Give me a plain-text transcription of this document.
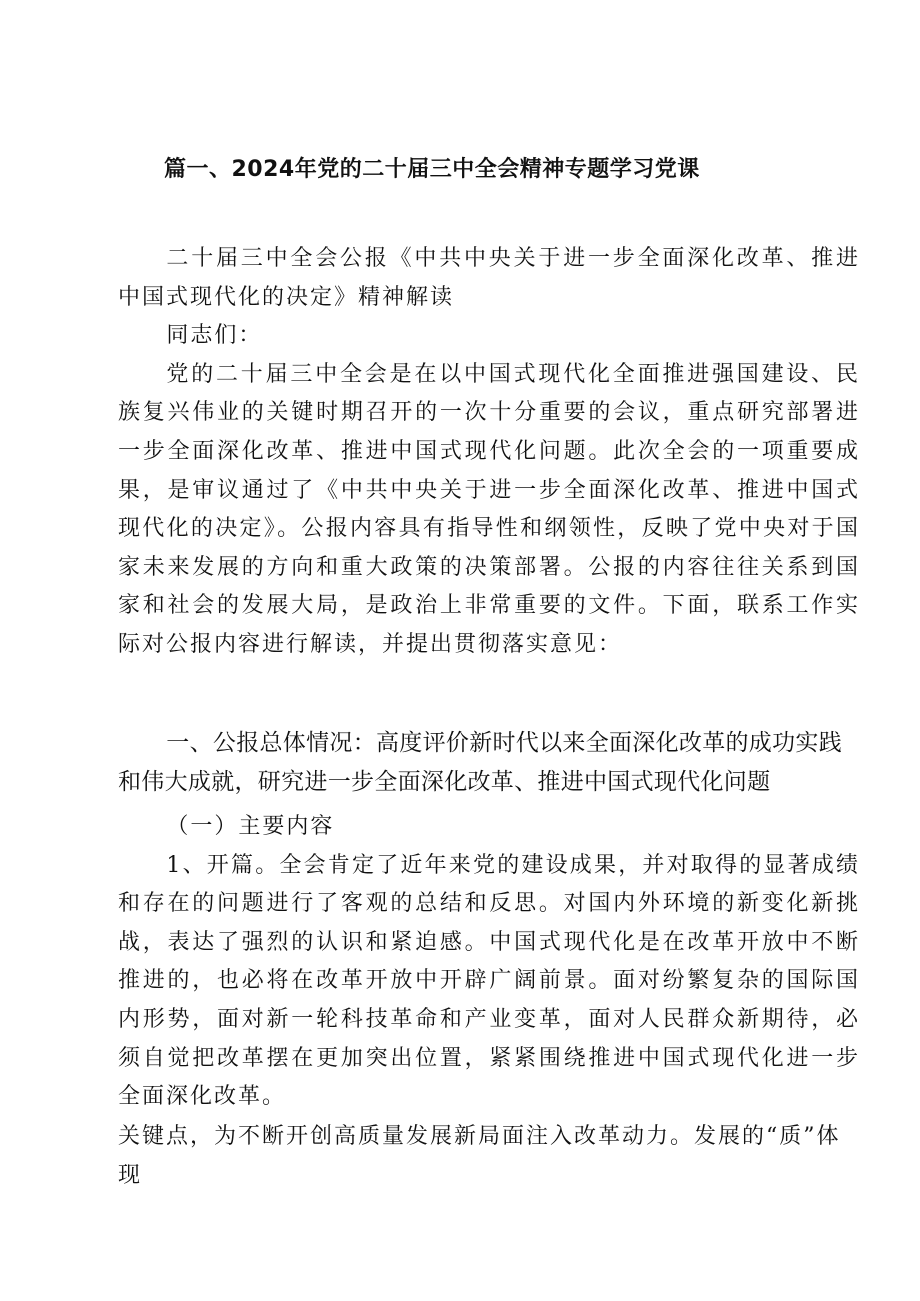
篇一、2024年党的二十届三中全会精神专题学习党课

二十届三中全会公报《中共中央关于进一步全面深化改革、推进中国式现代化的决定》精神解读

同志们：

党的二十届三中全会是在以中国式现代化全面推进强国建设、民族复兴伟业的关键时期召开的一次十分重要的会议，重点研究部署进一步全面深化改革、推进中国式现代化问题。此次全会的一项重要成果，是审议通过了《中共中央关于进一步全面深化改革、推进中国式现代化的决定》。公报内容具有指导性和纲领性，反映了党中央对于国家未来发展的方向和重大政策的决策部署。公报的内容往往关系到国家和社会的发展大局，是政治上非常重要的文件。下面，联系工作实际对公报内容进行解读，并提出贯彻落实意见：

一、公报总体情况：高度评价新时代以来全面深化改革的成功实践和伟大成就，研究进一步全面深化改革、推进中国式现代化问题

（一）主要内容

1、开篇。全会肯定了近年来党的建设成果，并对取得的显著成绩和存在的问题进行了客观的总结和反思。对国内外环境的新变化新挑战，表达了强烈的认识和紧迫感。中国式现代化是在改革开放中不断推进的，也必将在改革开放中开辟广阔前景。面对纷繁复杂的国际国内形势，面对新一轮科技革命和产业变革，面对人民群众新期待，必须自觉把改革摆在更加突出位置，紧紧围绕推进中国式现代化进一步全面深化改革。

关键点，为不断开创高质量发展新局面注入改革动力。发展的“质”体现
